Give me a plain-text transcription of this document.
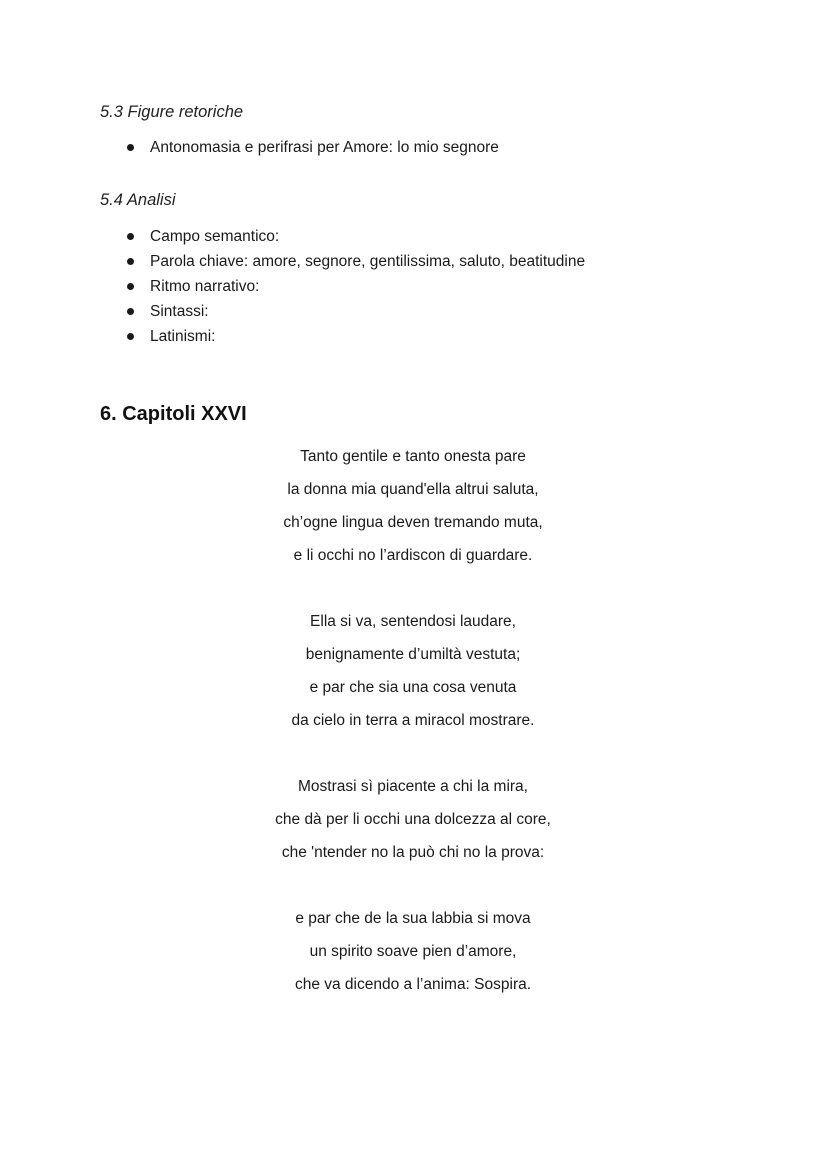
5.3 Figure retoriche
Antonomasia e perifrasi per Amore: lo mio segnore
5.4 Analisi
Campo semantico:
Parola chiave: amore, segnore, gentilissima, saluto, beatitudine
Ritmo narrativo:
Sintassi:
Latinismi:
6. Capitoli XXVI
Tanto gentile e tanto onesta pare
la donna mia quand'ella altrui saluta,
ch’ogne lingua deven tremando muta,
e li occhi no l’ardiscon di guardare.
Ella si va, sentendosi laudare,
benignamente d’umiltà vestuta;
e par che sia una cosa venuta
da cielo in terra a miracol mostrare.
Mostrasi sì piacente a chi la mira,
che dà per li occhi una dolcezza al core,
che 'ntender no la può chi no la prova:
e par che de la sua labbia si mova
un spirito soave pien d’amore,
che va dicendo a l’anima: Sospira.
